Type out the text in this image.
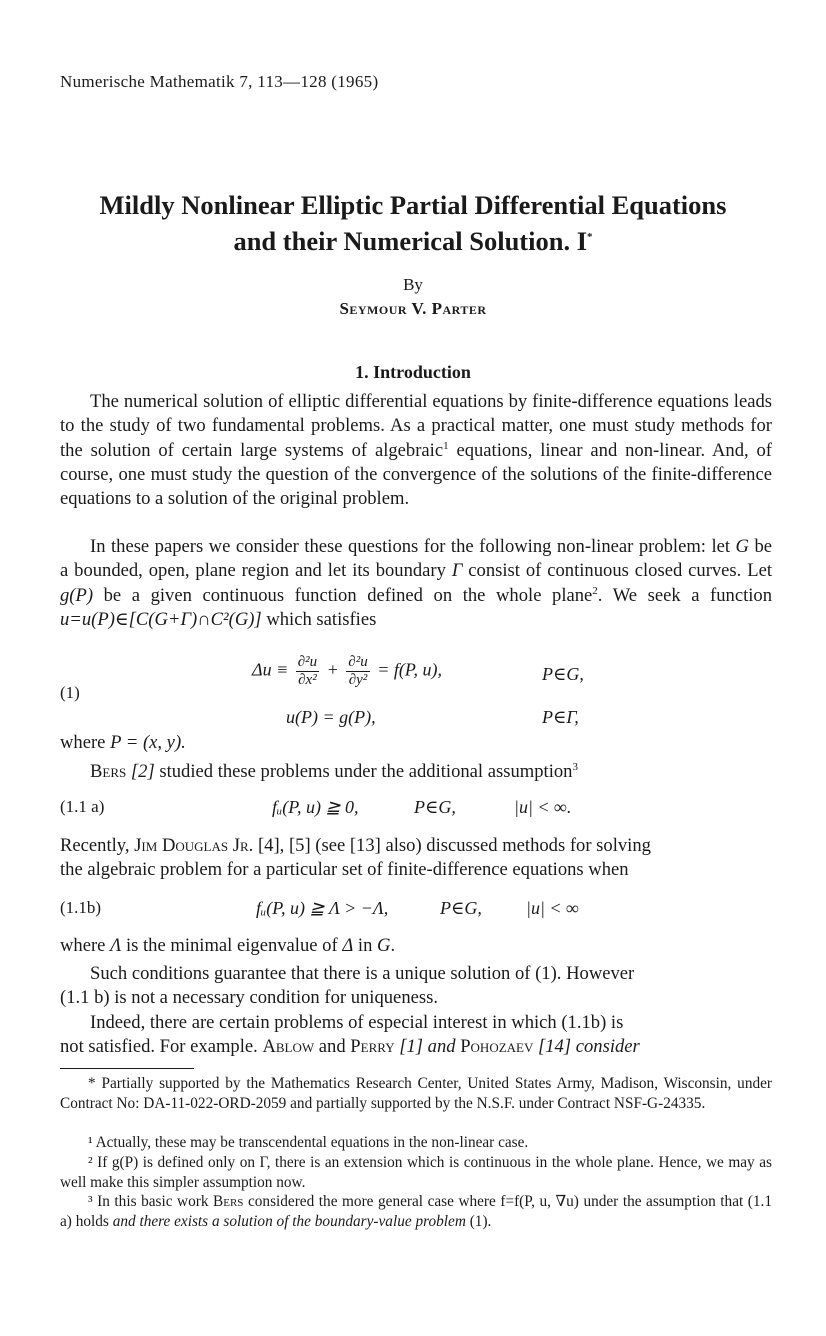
Numerische Mathematik 7, 113—128 (1965)
Mildly Nonlinear Elliptic Partial Differential Equations
and their Numerical Solution. I*
By
Seymour V. Parter
1. Introduction

The numerical solution of elliptic differential equations by finite-difference equations leads to the study of two fundamental problems. As a practical matter, one must study methods for the solution of certain large systems of algebraic$^1$ equations, linear and non-linear. And, of course, one must study the question of the convergence of the solutions of the finite-difference equations to a solution of the original problem.

In these papers we consider these questions for the following non-linear problem: let G be a bounded, open, plane region and let its boundary Γ consist of continuous closed curves. Let g(P) be a given continuous function defined on the whole plane$^2$. We seek a function u=u(P)∈[C(G+Γ)∩C²(G)] which satisfies

(1)
$\Delta u \equiv \frac{\text{∂²u}}{\text{∂x²}} + \frac{\text{∂²u}}{\text{∂y²}} = f(P$, u),	P∈G,
u(P) = g(P),	P∈Γ,
where P = (x, y).
Bers [2] studied these problems under the additional assumption$^3$
(1.1 a)	fᵤ(P, u) ≧ 0,	P∈G,	|u| < ∞.
Recently, Jim Douglas Jr. [4], [5] (see [13] also) discussed methods for solving
the algebraic problem for a particular set of finite-difference equations when
(1.1b)	fᵤ(P, u) ≧ Λ > −Λ,	P∈G, |u| < ∞
where Λ is the minimal eigenvalue of Δ in G.
Such conditions guarantee that there is a unique solution of (1). However
(1.1 b) is not a necessary condition for uniqueness.
Indeed, there are certain problems of especial interest in which (1.1b) is
not satisfied. For example. Ablow and Perry [1] and Pohozaev [14] consider

* Partially supported by the Mathematics Research Center, United States Army, Madison, Wisconsin, under Contract No: DA-11-022-ORD-2059 and partially supported by the N.S.F. under Contract NSF-G-24335.

¹ Actually, these may be transcendental equations in the non-linear case.

² If g(P) is defined only on Γ, there is an extension which is continuous in the whole plane. Hence, we may as well make this simpler assumption now.

³ In this basic work Bers considered the more general case where f=f(P, u, ∇u) under the assumption that (1.1 a) holds and there exists a solution of the boundary-value problem (1).
